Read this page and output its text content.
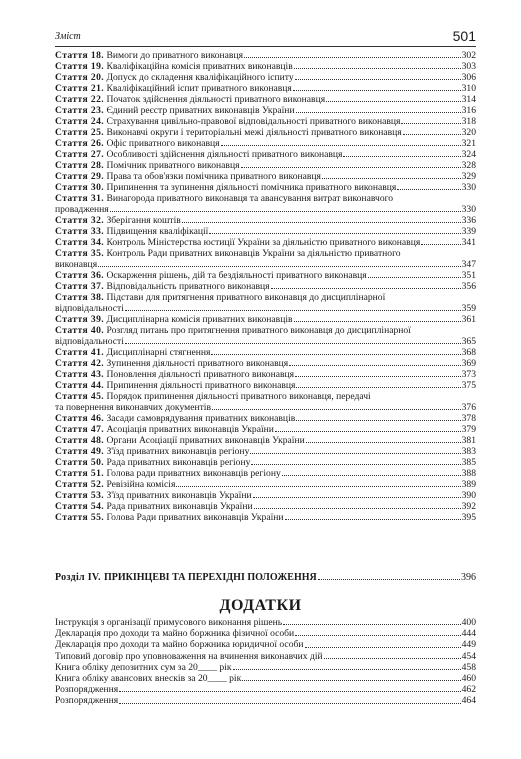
Зміст	501
Стаття 18. Вимоги до приватного виконавця	302
Стаття 19. Кваліфікаційна комісія приватних виконавців	303
Стаття 20. Допуск до складення кваліфікаційного іспиту	306
Стаття 21. Кваліфікаційний іспит приватного виконавця	310
Стаття 22. Початок здійснення діяльності приватного виконавця	314
Стаття 23. Єдиний реєстр приватних виконавців України	316
Стаття 24. Страхування цивільно-правової відповідальності приватного виконавця	318
Стаття 25. Виконавчі округи і територіальні межі діяльності приватного виконавця	320
Стаття 26. Офіс приватного виконавця	321
Стаття 27. Особливості здійснення діяльності приватного виконавця	324
Стаття 28. Помічник приватного виконавця	328
Стаття 29. Права та обов'язки помічника приватного виконавця	329
Стаття 30. Припинення та зупинення діяльності помічника приватного виконавця	330
Стаття 31. Винагорода приватного виконавця та авансування витрат виконавчого
провадження	330
Стаття 32. Зберігання коштів	336
Стаття 33. Підвищення кваліфікації	339
Стаття 34. Контроль Міністерства юстиції України за діяльністю приватного виконавця	341
Стаття 35. Контроль Ради приватних виконавців України за діяльністю приватного
виконавця	347
Стаття 36. Оскарження рішень, дій та бездіяльності приватного виконавця	351
Стаття 37. Відповідальність приватного виконавця	356
Стаття 38. Підстави для притягнення приватного виконавця до дисциплінарної
відповідальності	359
Стаття 39. Дисциплінарна комісія приватних виконавців	361
Стаття 40. Розгляд питань про притягнення приватного виконавця до дисциплінарної
відповідальності	365
Стаття 41. Дисциплінарні стягнення	368
Стаття 42. Зупинення діяльності приватного виконавця	369
Стаття 43. Поновлення діяльності приватного виконавця	373
Стаття 44. Припинення діяльності приватного виконавця	375
Стаття 45. Порядок припинення діяльності приватного виконавця, передачі
та повернення виконавчих документів	376
Стаття 46. Засади самоврядування приватних виконавців	378
Стаття 47. Асоціація приватних виконавців України	379
Стаття 48. Органи Асоціації приватних виконавців України	381
Стаття 49. З'їзд приватних виконавців регіону	383
Стаття 50. Рада приватних виконавців регіону	385
Стаття 51. Голова ради приватних виконавців регіону	388
Стаття 52. Ревізійна комісія	389
Стаття 53. З'їзд приватних виконавців України	390
Стаття 54. Рада приватних виконавців України	392
Стаття 55. Голова Ради приватних виконавців України	395
Розділ IV. ПРИКІНЦЕВІ ТА ПЕРЕХІДНІ ПОЛОЖЕННЯ	396
ДОДАТКИ
Інструкція з організації примусового виконання рішень	400
Декларація про доходи та майно боржника фізичної особи	444
Декларація про доходи та майно боржника юридичної особи	449
Типовий договір про уповноваження на вчинення виконавчих дій	454
Книга обліку депозитних сум за 20____ рік	458
Книга обліку авансових внесків за 20____ рік	460
Розпорядження	462
Розпорядження	464
